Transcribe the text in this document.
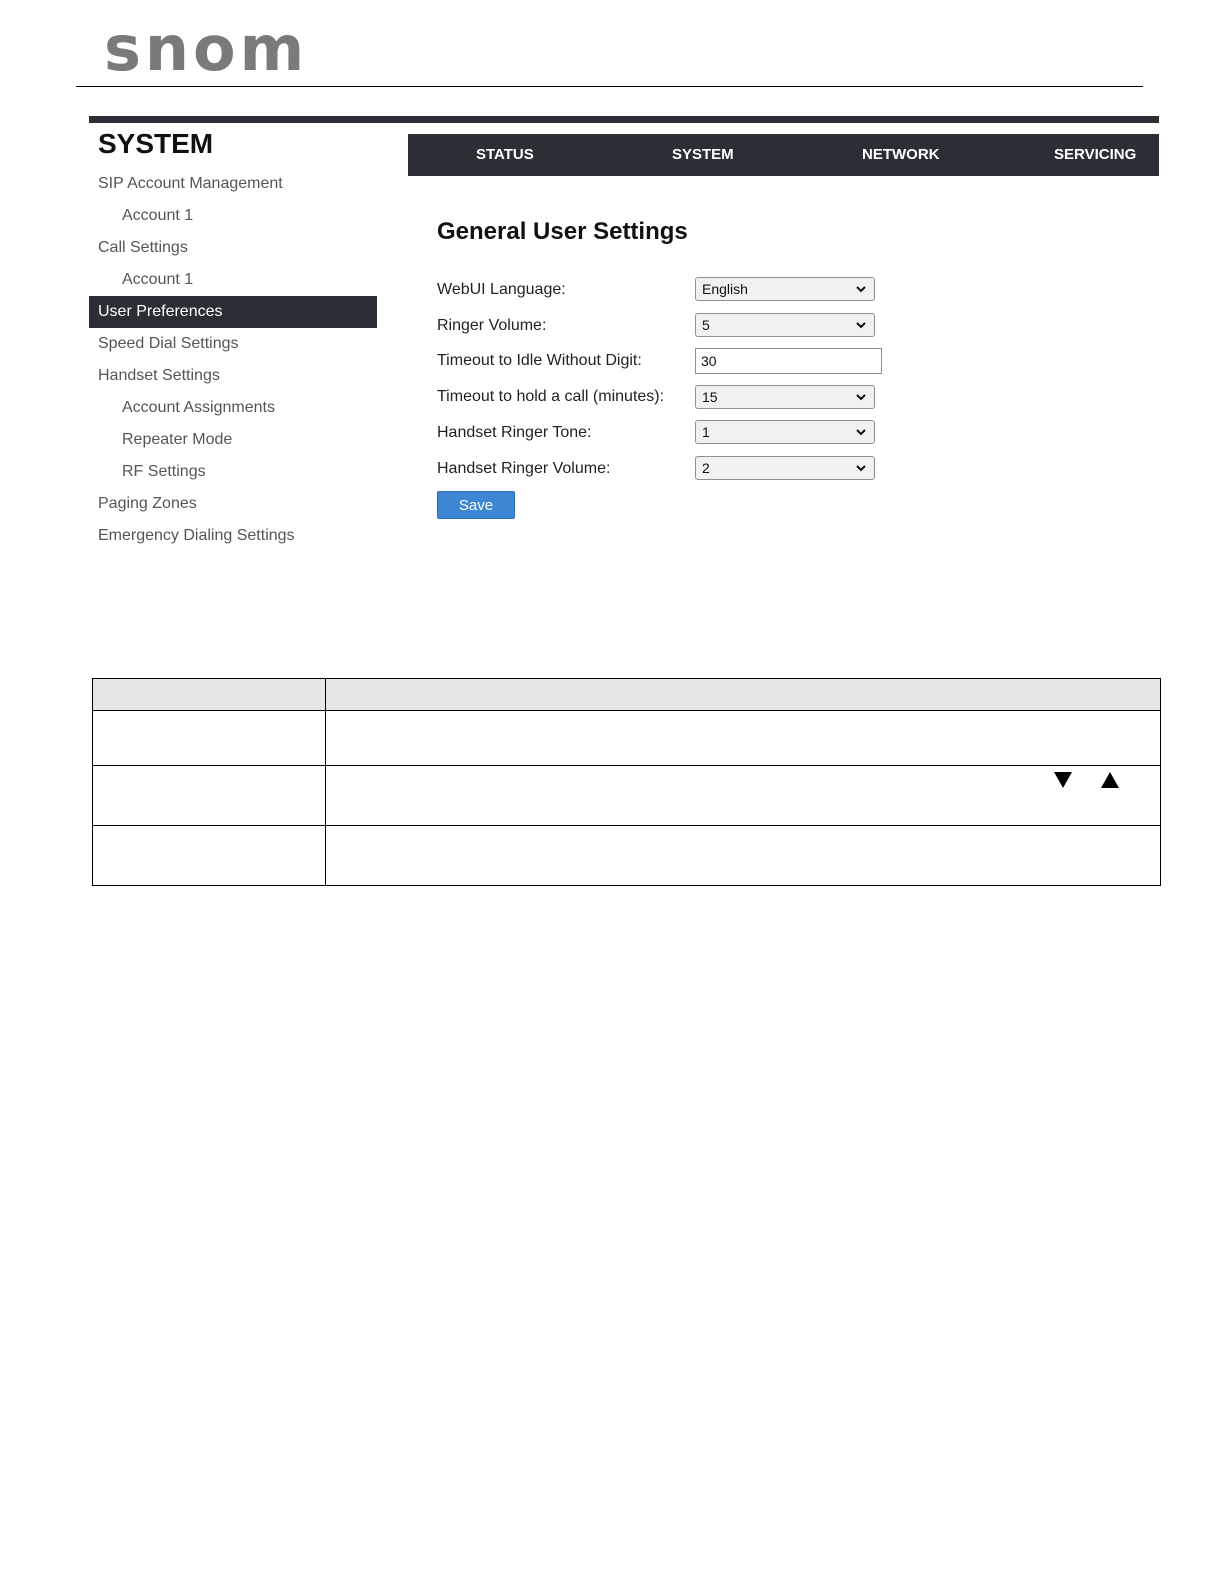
snom
SYSTEM
SIP Account Management
Account 1
Call Settings
Account 1
User Preferences
Speed Dial Settings
Handset Settings
Account Assignments
Repeater Mode
RF Settings
Paging Zones
Emergency Dialing Settings
STATUS	SYSTEM	NETWORK	SERVICING
General User Settings
WebUI Language:	English
Ringer Volume:	5
Timeout to Idle Without Digit:
30
Timeout to hold a call (minutes):	15
Handset Ringer Tone:	1
Handset Ringer Volume:	2
Save
